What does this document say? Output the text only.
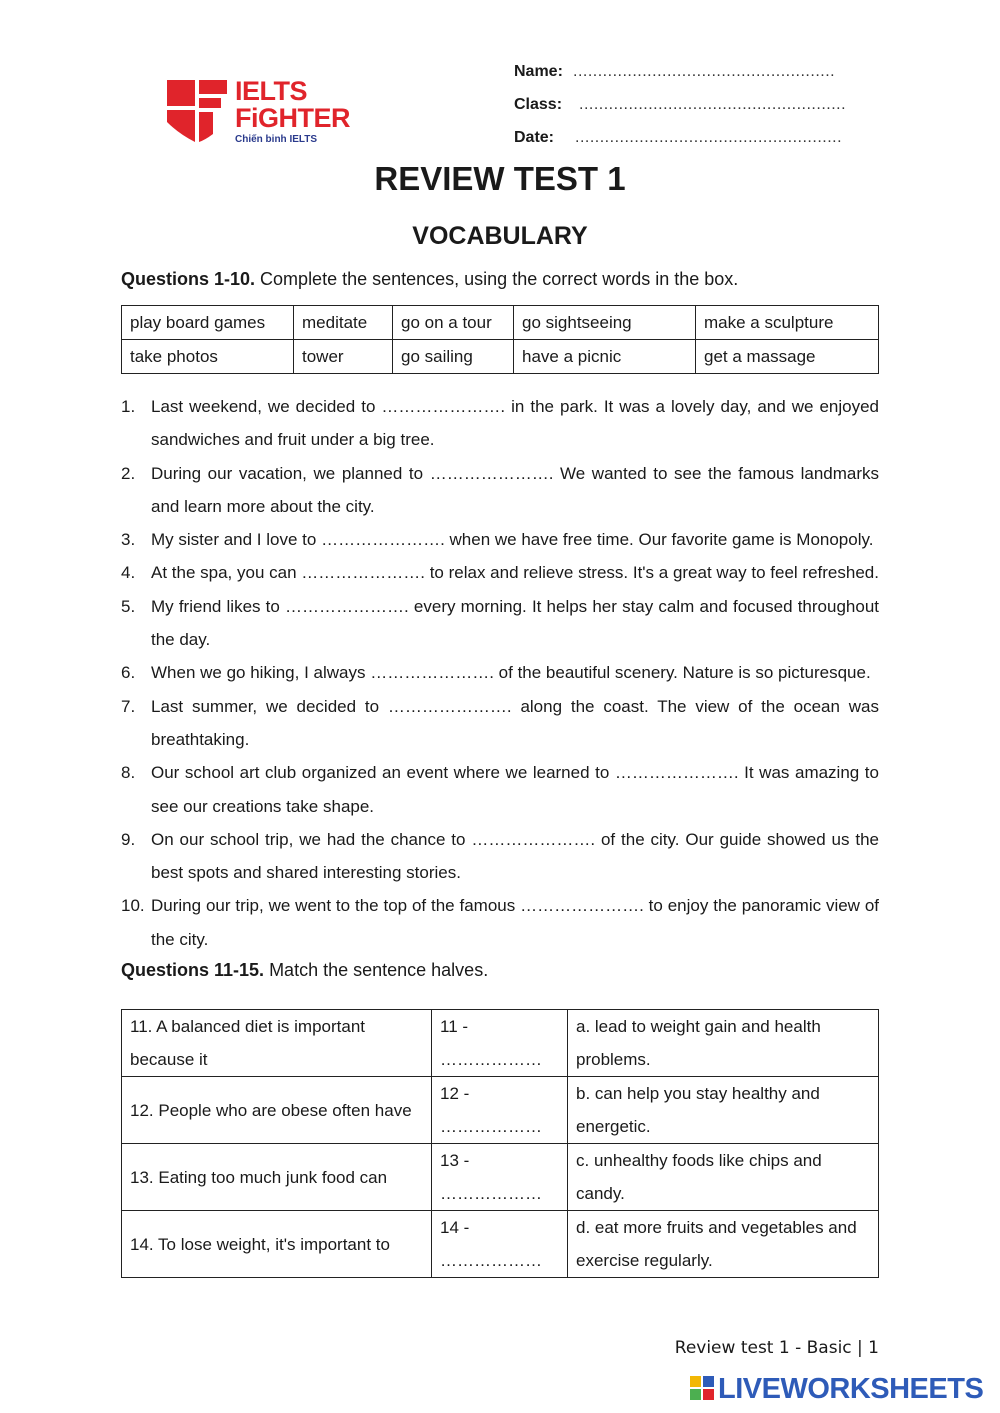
IELTS
FiGHTER
Chiến binh IELTS
Name: .....................................................
Class: ......................................................
Date: ......................................................
REVIEW TEST 1
VOCABULARY
Questions 1-10. Complete the sentences, using the correct words in the box.
play board games	meditate	go on a tour	go sightseeing	make a sculpture
take photos	tower	go sailing	have a picnic	get a massage
1. Last weekend, we decided to …………………. in the park. It was a lovely day, and we enjoyed sandwiches and fruit under a big tree.
2. During our vacation, we planned to …………………. We wanted to see the famous landmarks and learn more about the city.
3. My sister and I love to …………………. when we have free time. Our favorite game is Monopoly.
4. At the spa, you can …………………. to relax and relieve stress. It's a great way to feel refreshed.
5. My friend likes to …………………. every morning. It helps her stay calm and focused throughout the day.
6. When we go hiking, I always …………………. of the beautiful scenery. Nature is so picturesque.
7. Last summer, we decided to …………………. along the coast. The view of the ocean was breathtaking.
8. Our school art club organized an event where we learned to …………………. It was amazing to see our creations take shape.
9. On our school trip, we had the chance to …………………. of the city. Our guide showed us the best spots and shared interesting stories.
10. During our trip, we went to the top of the famous …………………. to enjoy the panoramic view of the city.
Questions 11-15. Match the sentence halves.
11. A balanced diet is important because it	11 - ………………	a. lead to weight gain and health problems.
12. People who are obese often have	12 - ………………	b. can help you stay healthy and energetic.
13. Eating too much junk food can	13 - ………………	c. unhealthy foods like chips and candy.
14. To lose weight, it's important to	14 - ………………	d. eat more fruits and vegetables and exercise regularly.
Review test 1 - Basic | 1
LIVEWORKSHEETS
